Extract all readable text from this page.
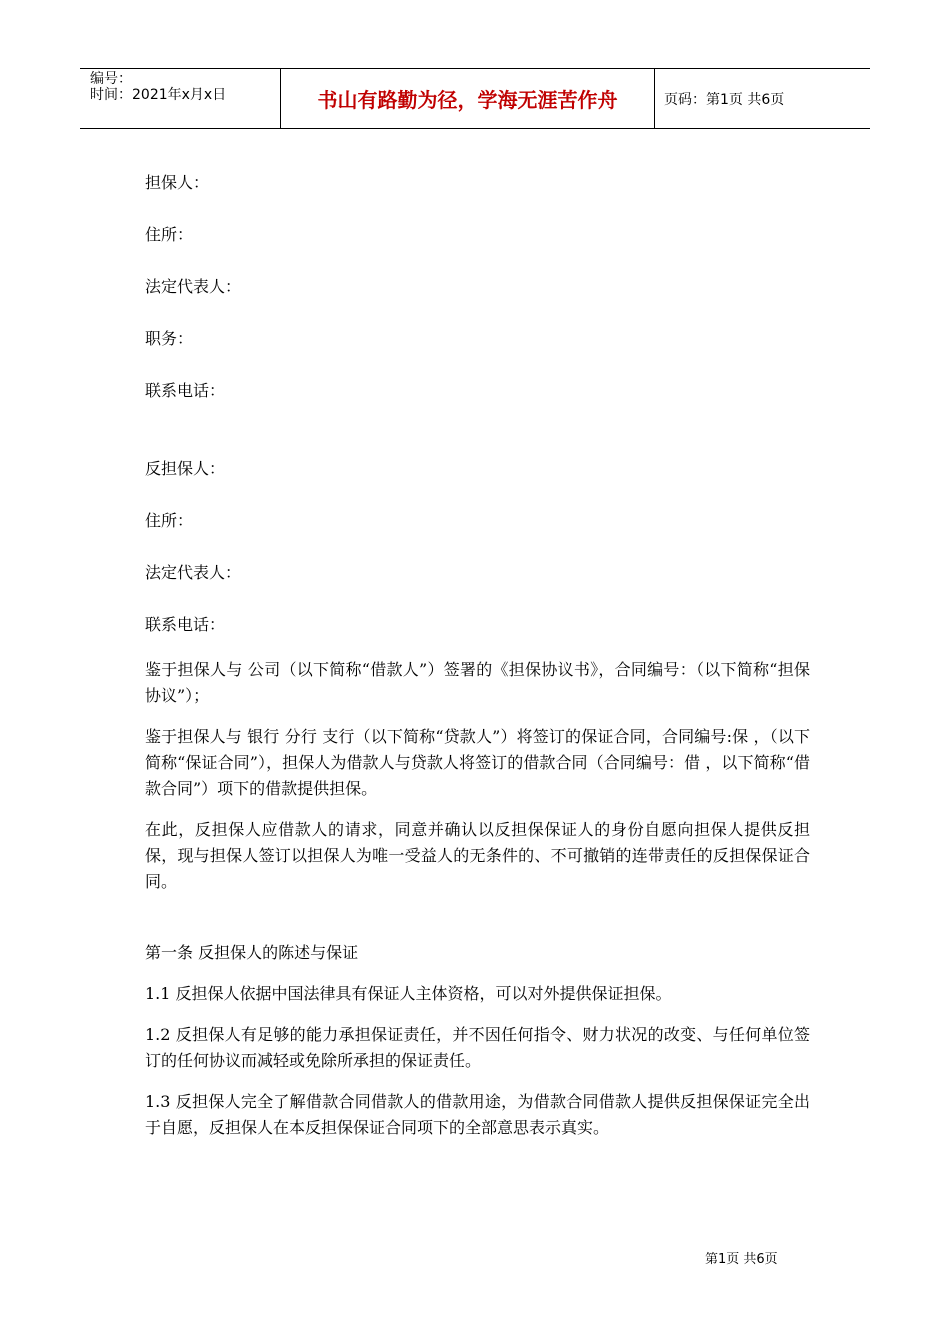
编号：
时间：2021年x月x日	书山有路勤为径，学海无涯苦作舟	页码：第1页 共6页
担保人：
住所：
法定代表人：
职务：
联系电话：
反担保人：
住所：
法定代表人：
联系电话：

鉴于担保人与 公司（以下简称“借款人”）签署的《担保协议书》，合同编号：（以下简称“担保协议”）；

鉴于担保人与 银行 分行 支行（以下简称“贷款人”）将签订的保证合同，合同编号:保 ，（以下简称“保证合同”），担保人为借款人与贷款人将签订的借款合同（合同编号：借 ，以下简称“借款合同”）项下的借款提供担保。

在此，反担保人应借款人的请求，同意并确认以反担保保证人的身份自愿向担保人提供反担保，现与担保人签订以担保人为唯一受益人的无条件的、不可撤销的连带责任的反担保保证合同。

第一条 反担保人的陈述与保证

1.1 反担保人依据中国法律具有保证人主体资格，可以对外提供保证担保。

1.2 反担保人有足够的能力承担保证责任，并不因任何指令、财力状况的改变、与任何单位签订的任何协议而减轻或免除所承担的保证责任。

1.3 反担保人完全了解借款合同借款人的借款用途，为借款合同借款人提供反担保保证完全出于自愿，反担保人在本反担保保证合同项下的全部意思表示真实。

第1页 共6页
